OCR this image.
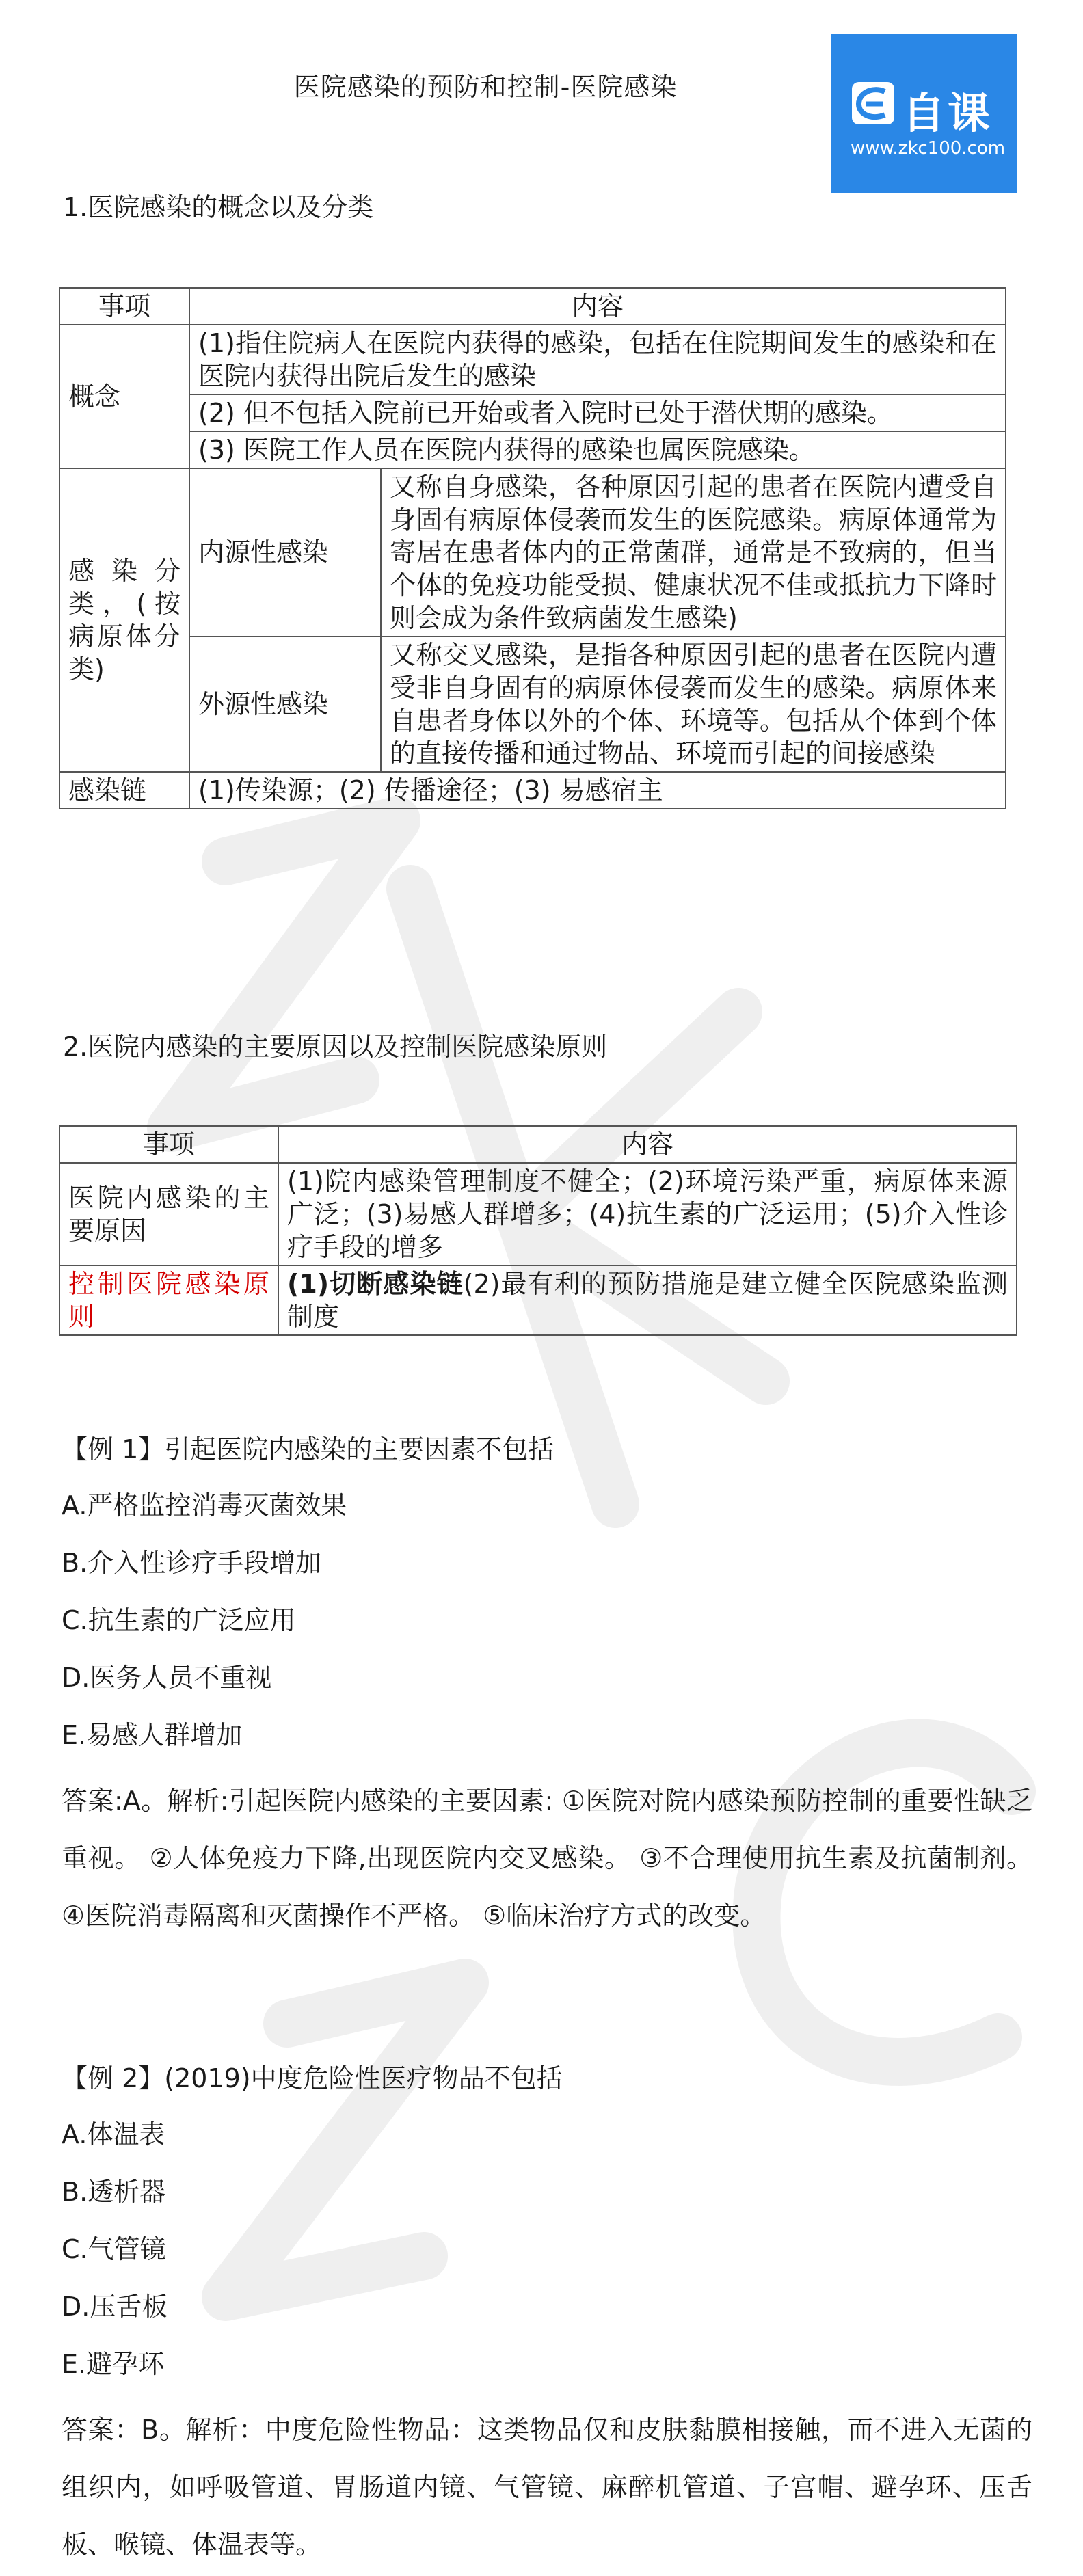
医院感染的预防和控制-医院感染
自课
www.zkc100.com
1.医院感染的概念以及分类
事项	内容	
概念	(1)指住院病人在医院内获得的感染，包括在住院期间发生的感染和在医院内获得出院后发生的感染	
	(2) 但不包括入院前已开始或者入院时已处于潜伏期的感染。	
	(3) 医院工作人员在医院内获得的感染也属医院感染。	
感染分类，(按病原体分类)	内源性感染	又称自身感染，各种原因引起的患者在医院内遭受自身固有病原体侵袭而发生的医院感染。病原体通常为寄居在患者体内的正常菌群，通常是不致病的，但当个体的免疫功能受损、健康状况不佳或抵抗力下降时则会成为条件致病菌发生感染)
	外源性感染	又称交叉感染，是指各种原因引起的患者在医院内遭受非自身固有的病原体侵袭而发生的感染。病原体来自患者身体以外的个体、环境等。包括从个体到个体的直接传播和通过物品、环境而引起的间接感染
感染链	(1)传染源；(2) 传播途径；(3) 易感宿主	
2.医院内感染的主要原因以及控制医院感染原则
事项	内容
医院内感染的主要原因	(1)院内感染管理制度不健全；(2)环境污染严重，病原体来源广泛；(3)易感人群增多；(4)抗生素的广泛运用；(5)介入性诊疗手段的增多
控制医院感染原则	(1)切断感染链(2)最有利的预防措施是建立健全医院感染监测制度
【例 1】引起医院内感染的主要因素不包括
A.严格监控消毒灭菌效果
B.介入性诊疗手段增加
C.抗生素的广泛应用
D.医务人员不重视
E.易感人群增加
答案:A。解析:引起医院内感染的主要因素: ①医院对院内感染预防控制的重要性缺乏重视。 ②人体免疫力下降,出现医院内交叉感染。 ③不合理使用抗生素及抗菌制剂。 ④医院消毒隔离和灭菌操作不严格。 ⑤临床治疗方式的改变。
【例 2】(2019)中度危险性医疗物品不包括
A.体温表
B.透析器
C.气管镜
D.压舌板
E.避孕环
答案：B。解析：中度危险性物品：这类物品仅和皮肤黏膜相接触，而不进入无菌的组织内，如呼吸管道、胃肠道内镜、气管镜、麻醉机管道、子宫帽、避孕环、压舌板、喉镜、体温表等。
